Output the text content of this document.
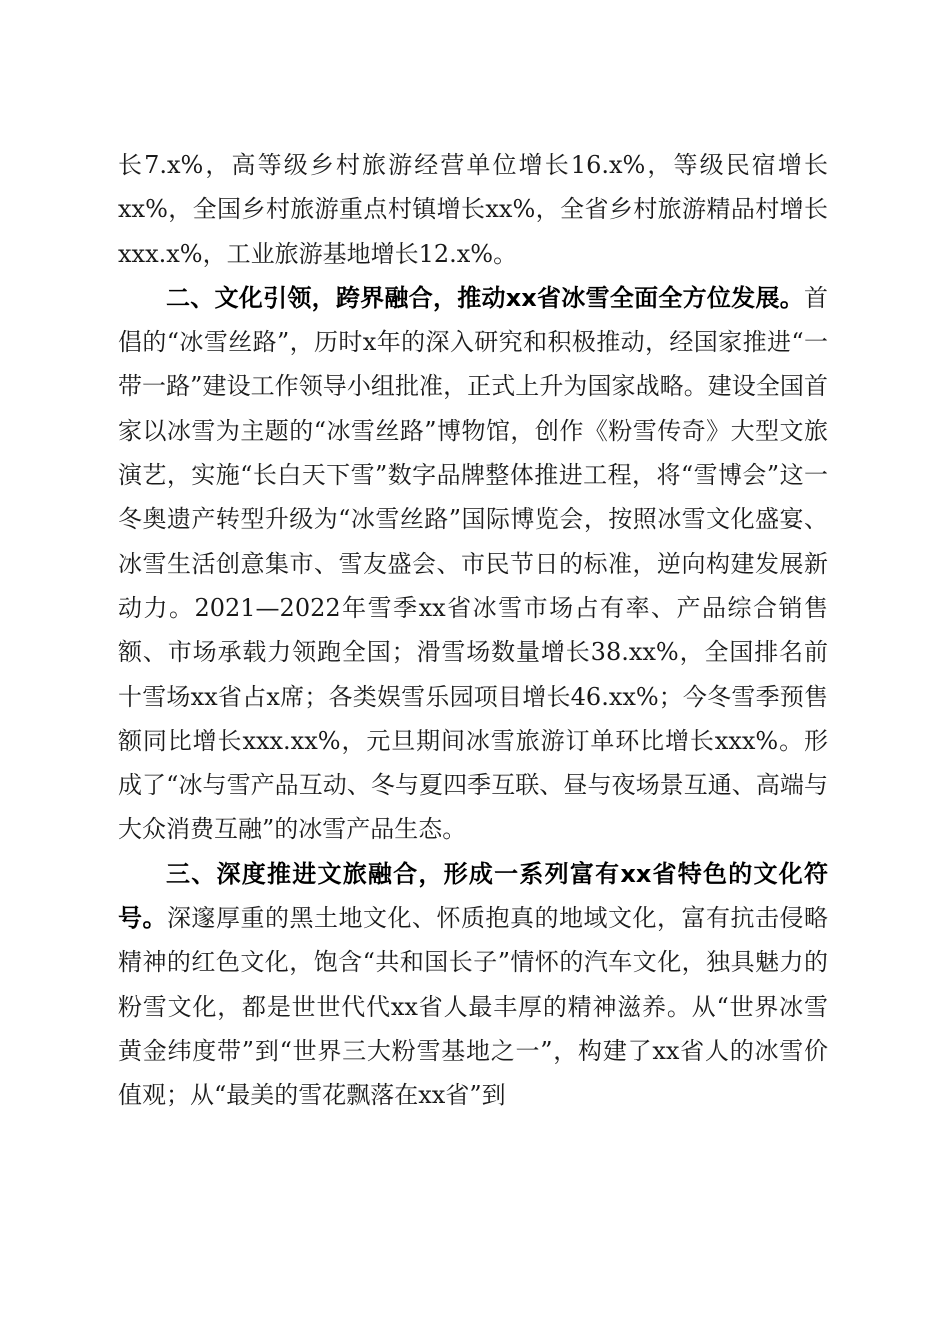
长7.x%，高等级乡村旅游经营单位增长16.x%，等级民宿增长xx%，全国乡村旅游重点村镇增长xx%，全省乡村旅游精品村增长xxx.x%，工业旅游基地增长12.x%。

二、文化引领，跨界融合，推动xx省冰雪全面全方位发展。首倡的“冰雪丝路”，历时x年的深入研究和积极推动，经国家推进“一带一路”建设工作领导小组批准，正式上升为国家战略。建设全国首家以冰雪为主题的“冰雪丝路”博物馆，创作《粉雪传奇》大型文旅演艺，实施“长白天下雪”数字品牌整体推进工程，将“雪博会”这一冬奥遗产转型升级为“冰雪丝路”国际博览会，按照冰雪文化盛宴、冰雪生活创意集市、雪友盛会、市民节日的标准，逆向构建发展新动力。2021—2022年雪季xx省冰雪市场占有率、产品综合销售额、市场承载力领跑全国；滑雪场数量增长38.xx%，全国排名前十雪场xx省占x席；各类娱雪乐园项目增长46.xx%；今冬雪季预售额同比增长xxx.xx%，元旦期间冰雪旅游订单环比增长xxx%。形成了“冰与雪产品互动、冬与夏四季互联、昼与夜场景互通、高端与大众消费互融”的冰雪产品生态。

三、深度推进文旅融合，形成一系列富有xx省特色的文化符号。深邃厚重的黑土地文化、怀质抱真的地域文化，富有抗击侵略精神的红色文化，饱含“共和国长子”情怀的汽车文化，独具魅力的粉雪文化，都是世世代代xx省人最丰厚的精神滋养。从“世界冰雪黄金纬度带”到“世界三大粉雪基地之一”，构建了xx省人的冰雪价值观；从“最美的雪花飘落在xx省”到
